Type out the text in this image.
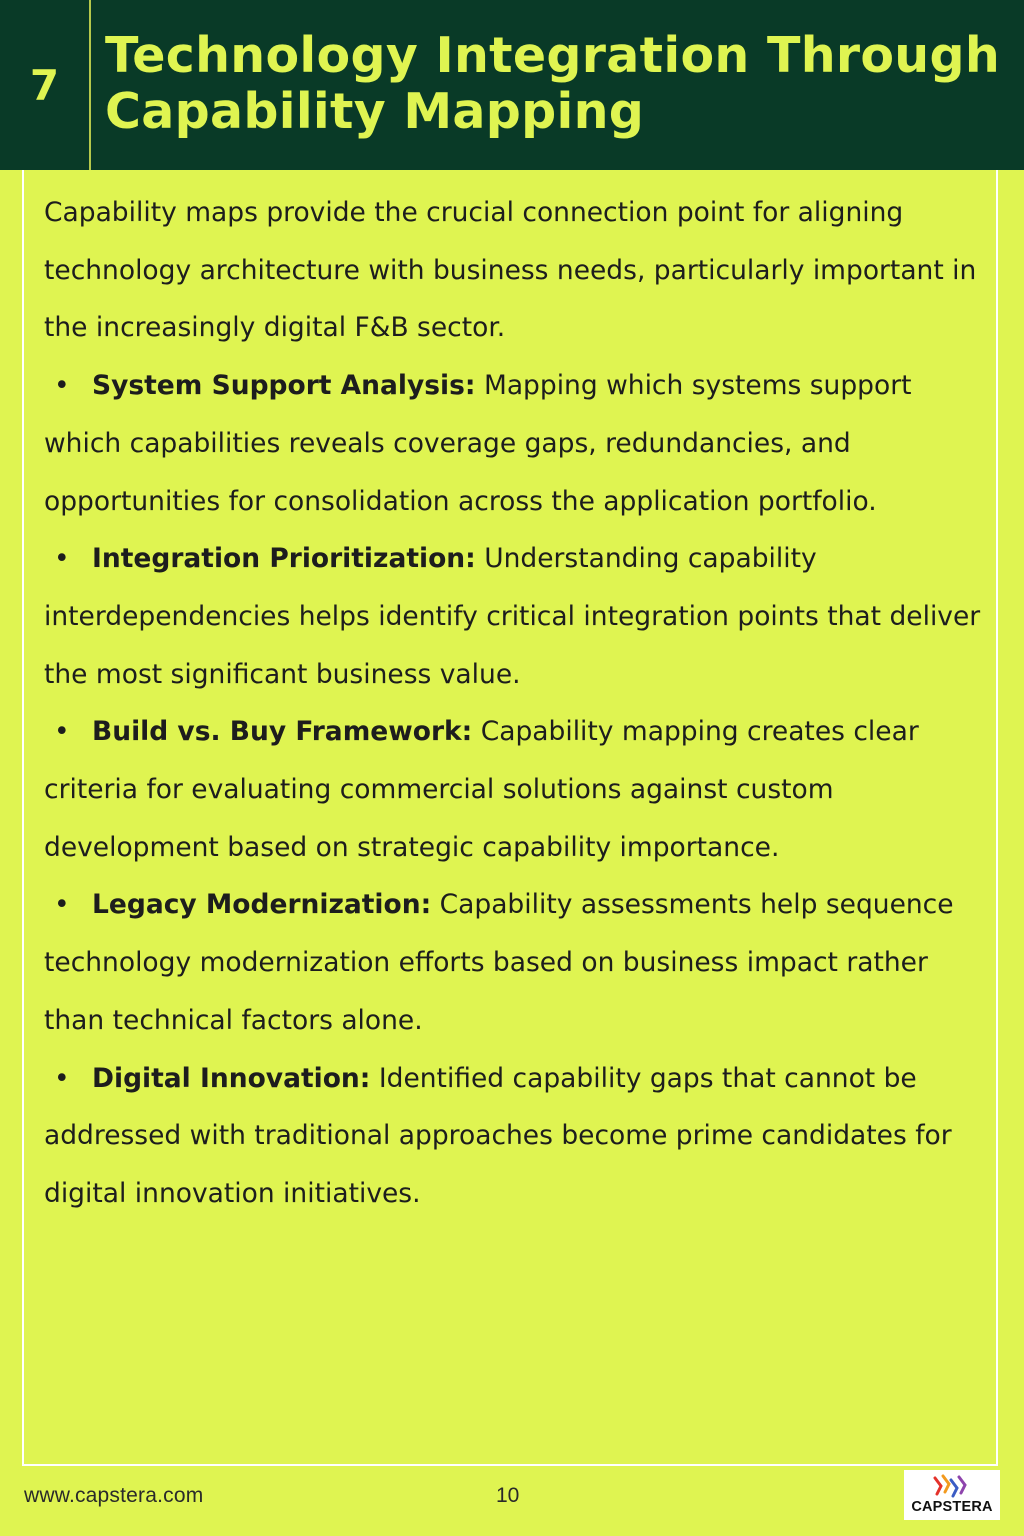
7
Technology Integration Through
Capability Mapping

Capability maps provide the crucial connection point for aligning technology architecture with business needs, particularly important in the increasingly digital F&B sector.

• System Support Analysis: Mapping which systems support which capabilities reveals coverage gaps, redundancies, and opportunities for consolidation across the application portfolio.

• Integration Prioritization: Understanding capability interdependencies helps identify critical integration points that deliver the most significant business value.

• Build vs. Buy Framework: Capability mapping creates clear criteria for evaluating commercial solutions against custom development based on strategic capability importance.

• Legacy Modernization: Capability assessments help sequence technology modernization efforts based on business impact rather than technical factors alone.

• Digital Innovation: Identified capability gaps that cannot be addressed with traditional approaches become prime candidates for digital innovation initiatives.

www.capstera.com	10	CAPSTERA
